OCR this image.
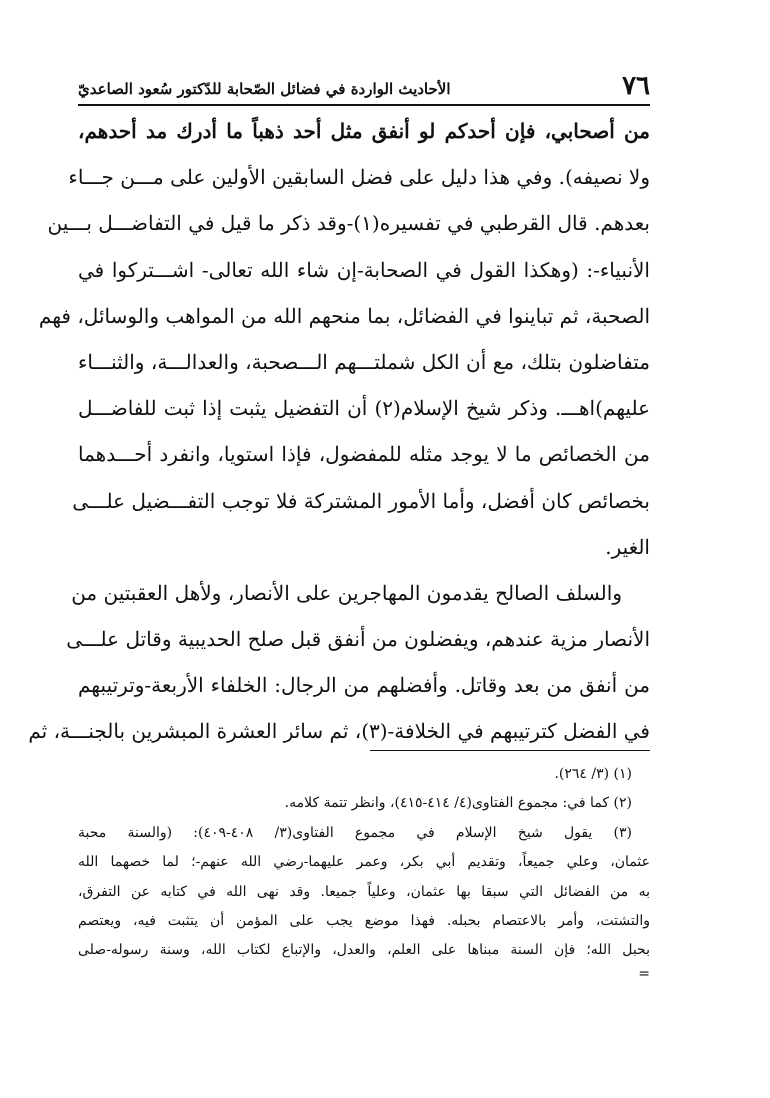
٧٦
الأحاديث الواردة في فضائل الصّحابة للدّكتور سُعود الصاعديّ
من أصحابي، فإن أحدكم لو أنفق مثل أحد ذهباً ما أدرك مد أحدهم،
ولا نصيفه). وفي هذا دليل على فضل السابقين الأولين على مـــن جـــاء
بعدهم. قال القرطبي في تفسيره(١)-وقد ذكر ما قيل في التفاضـــل بـــين
الأنبياء-: (وهكذا القول في الصحابة-إن شاء الله تعالى- اشـــتركوا في
الصحبة، ثم تباينوا في الفضائل، بما منحهم الله من المواهب والوسائل، فهم
متفاضلون بتلك، مع أن الكل شملتـــهم الـــصحبة، والعدالـــة، والثنـــاء
عليهم)اهـــ. وذكر شيخ الإسلام(٢) أن التفضيل يثبت إذا ثبت للفاضـــل
من الخصائص ما لا يوجد مثله للمفضول، فإذا استويا، وانفرد أحـــدهما
بخصائص كان أفضل، وأما الأمور المشتركة فلا توجب التفـــضيل علـــى
الغير.
والسلف الصالح يقدمون المهاجرين على الأنصار، ولأهل العقبتين من
الأنصار مزية عندهم، ويفضلون من أنفق قبل صلح الحديبية وقاتل علـــى
من أنفق من بعد وقاتل. وأفضلهم من الرجال: الخلفاء الأربعة-وترتيبهم
في الفضل كترتيبهم في الخلافة-(٣)، ثم سائر العشرة المبشرين بالجنـــة، ثم
(١) (٣/ ٢٦٤).
(٢) كما في: مجموع الفتاوى(٤/ ٤١٤-٤١٥)، وانظر تتمة كلامه.
(٣) يقول شيخ الإسلام في مجموع الفتاوى(٣/ ٤٠٨-٤٠٩): (والسنة محبة
عثمان، وعلي جميعاً، وتقديم أبي بكر، وعمر عليهما-رضي الله عنهم-؛ لما خصهما الله
به من الفضائل التي سبقا بها عثمان، وعلياً جميعا. وقد نهى الله في كتابه عن التفرق،
والتشتت، وأمر بالاعتصام بحبله. فهذا موضع يجب على المؤمن أن يتثبت فيه، ويعتصم
بحبل الله؛ فإن السنة مبناها على العلم، والعدل، والإتباع لكتاب الله، وسنة رسوله-صلى
=
